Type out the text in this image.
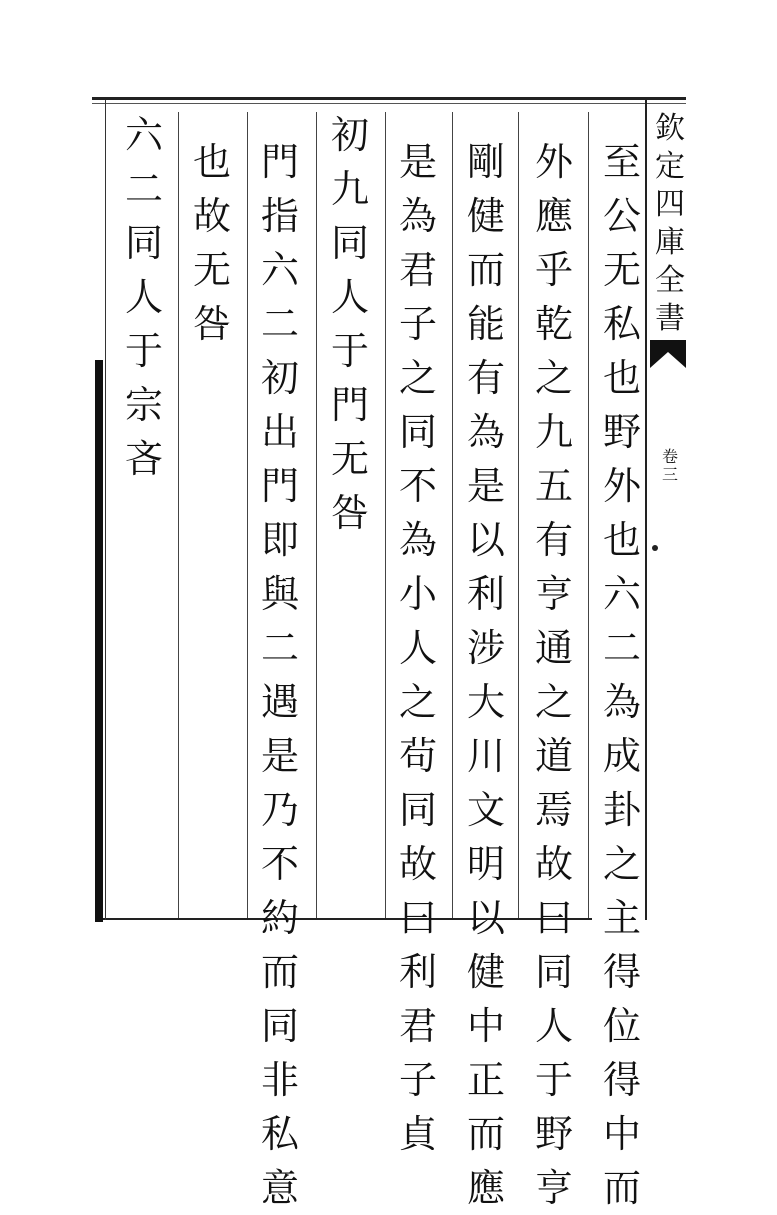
欽
定
四
庫
全
書
卷三
至
公
无
私
也
野
外
也
六
二
為
成
卦
之
主
得
位
得
中
而
外
應
乎
乾
之
九
五
有
亨
通
之
道
焉
故
曰
同
人
于
野
亨
剛
健
而
能
有
為
是
以
利
涉
大
川
文
明
以
健
中
正
而
應
是
為
君
子
之
同
不
為
小
人
之
茍
同
故
曰
利
君
子
貞
初
九
同
人
于
門
无
咎
門
指
六
二
初
出
門
即
與
二
遇
是
乃
不
約
而
同
非
私
意
也
故
无
咎
六
二
同
人
于
宗
吝
